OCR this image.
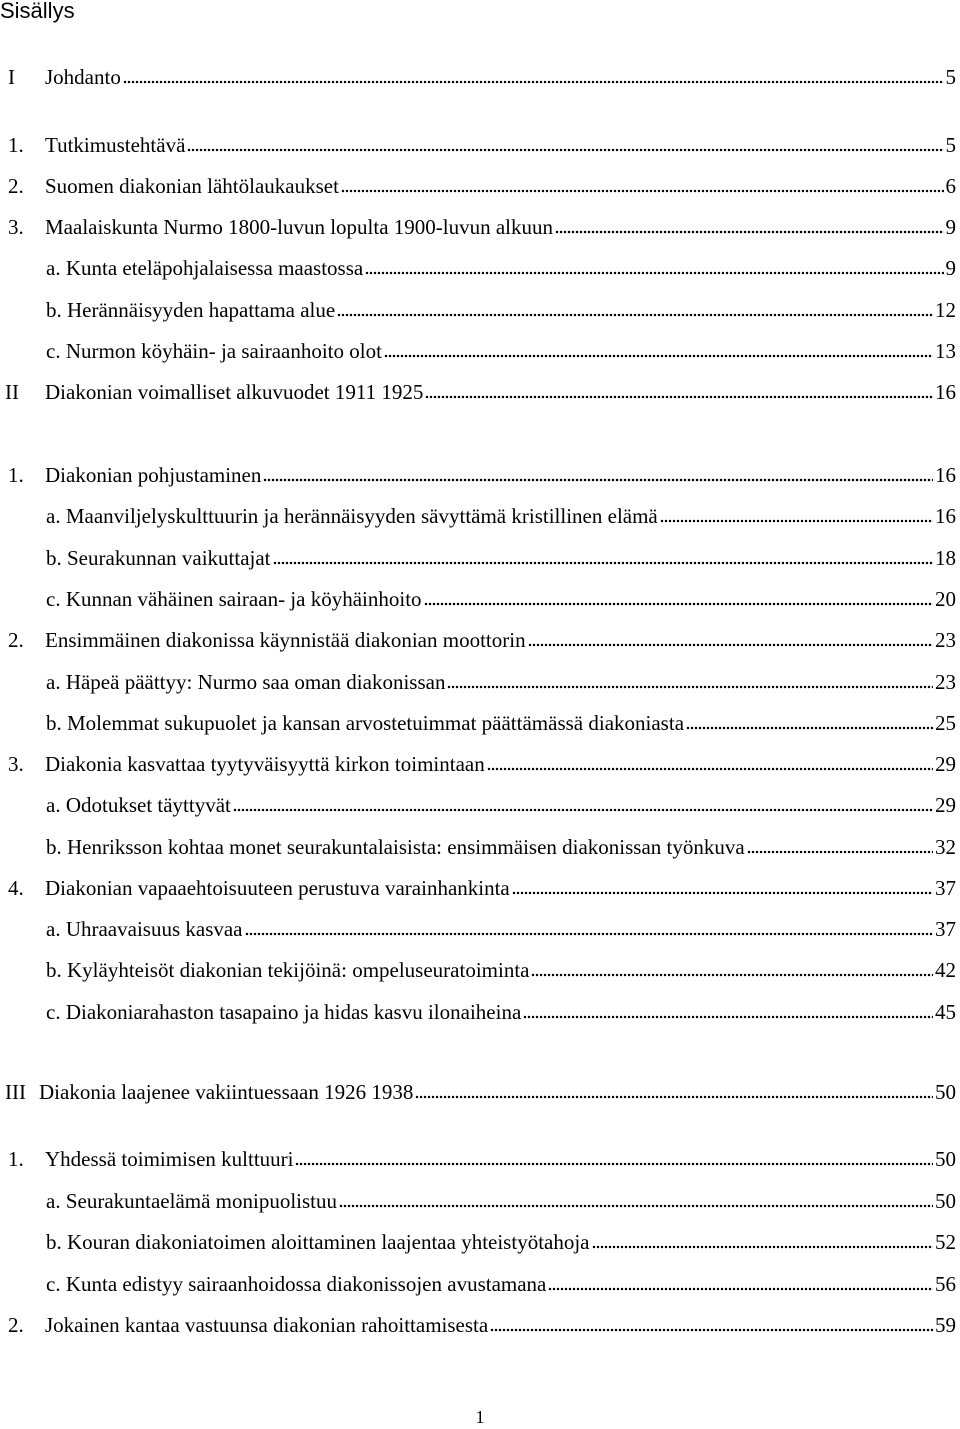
Sisällys
I	Johdanto	5
1.	Tutkimustehtävä	5
2.	Suomen diakonian lähtölaukaukset	6
3.	Maalaiskunta Nurmo 1800-luvun lopulta 1900-luvun alkuun	9
a. Kunta eteläpohjalaisessa maastossa	9
b. Herännäisyyden hapattama alue	12
c. Nurmon köyhäin- ja sairaanhoito olot	13
II	Diakonian voimalliset alkuvuodet 1911 1925	16
1.	Diakonian pohjustaminen	16
a. Maanviljelyskulttuurin ja herännäisyyden sävyttämä kristillinen elämä	16
b. Seurakunnan vaikuttajat	18
c. Kunnan vähäinen sairaan- ja köyhäinhoito	20
2.	Ensimmäinen diakonissa käynnistää diakonian moottorin	23
a. Häpeä päättyy: Nurmo saa oman diakonissan	23
b. Molemmat sukupuolet ja kansan arvostetuimmat päättämässä diakoniasta	25
3.	Diakonia kasvattaa tyytyväisyyttä kirkon toimintaan	29
a. Odotukset täyttyvät	29
b. Henriksson kohtaa monet seurakuntalaisista: ensimmäisen diakonissan työnkuva	32
4.	Diakonian vapaaehtoisuuteen perustuva varainhankinta	37
a. Uhraavaisuus kasvaa	37
b. Kyläyhteisöt diakonian tekijöinä: ompeluseuratoiminta	42
c. Diakoniarahaston tasapaino ja hidas kasvu ilonaiheina	45
III Diakonia laajenee vakiintuessaan 1926 1938	50
1.	Yhdessä toimimisen kulttuuri	50
a. Seurakuntaelämä monipuolistuu	50
b. Kouran diakoniatoimen aloittaminen laajentaa yhteistyötahoja	52
c. Kunta edistyy sairaanhoidossa diakonissojen avustamana	56
2.	Jokainen kantaa vastuunsa diakonian rahoittamisesta	59
1
